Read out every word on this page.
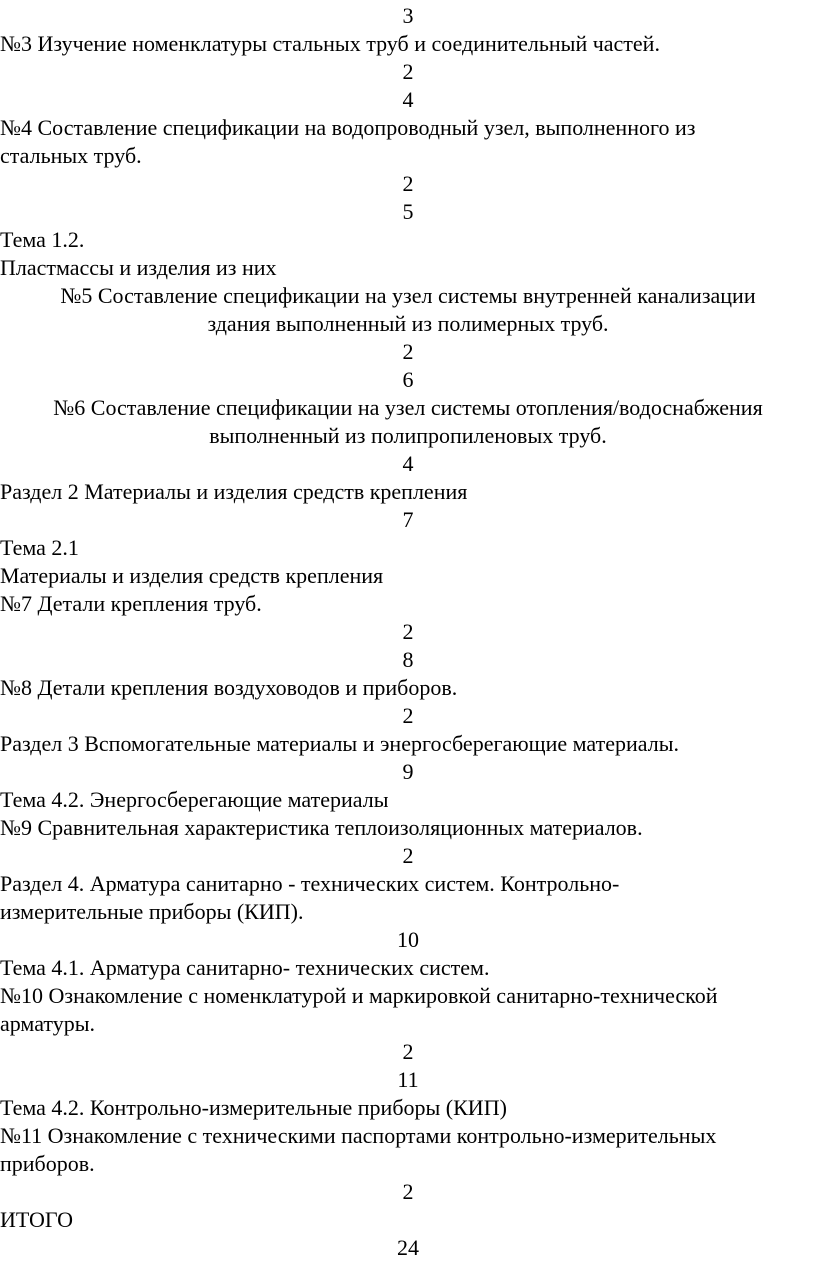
3
№3 Изучение номенклатуры стальных труб и соединительный частей.
2
4
№4 Составление спецификации на водопроводный узел, выполненного из
стальных труб.
2
5
Тема 1.2.
Пластмассы и изделия из них
№5 Составление спецификации на узел системы внутренней канализации
здания выполненный из полимерных труб.
2
6
№6 Составление спецификации на узел системы отопления/водоснабжения
выполненный из полипропиленовых труб.
4
Раздел 2 Материалы и изделия средств крепления
7
Тема 2.1
Материалы и изделия средств крепления
№7 Детали крепления труб.
2
8
№8 Детали крепления воздуховодов и приборов.
2
Раздел 3 Вспомогательные материалы и энергосберегающие материалы.
9
Тема 4.2. Энергосберегающие материалы
№9 Сравнительная характеристика теплоизоляционных материалов.
2
Раздел 4. Арматура санитарно - технических систем. Контрольно-
измерительные приборы (КИП).
10
Тема 4.1. Арматура санитарно- технических систем.
№10 Ознакомление с номенклатурой и маркировкой санитарно-технической
арматуры.
2
11
Тема 4.2. Контрольно-измерительные приборы (КИП)
№11 Ознакомление с техническими паспортами контрольно-измерительных
приборов.
2
ИТОГО
24
